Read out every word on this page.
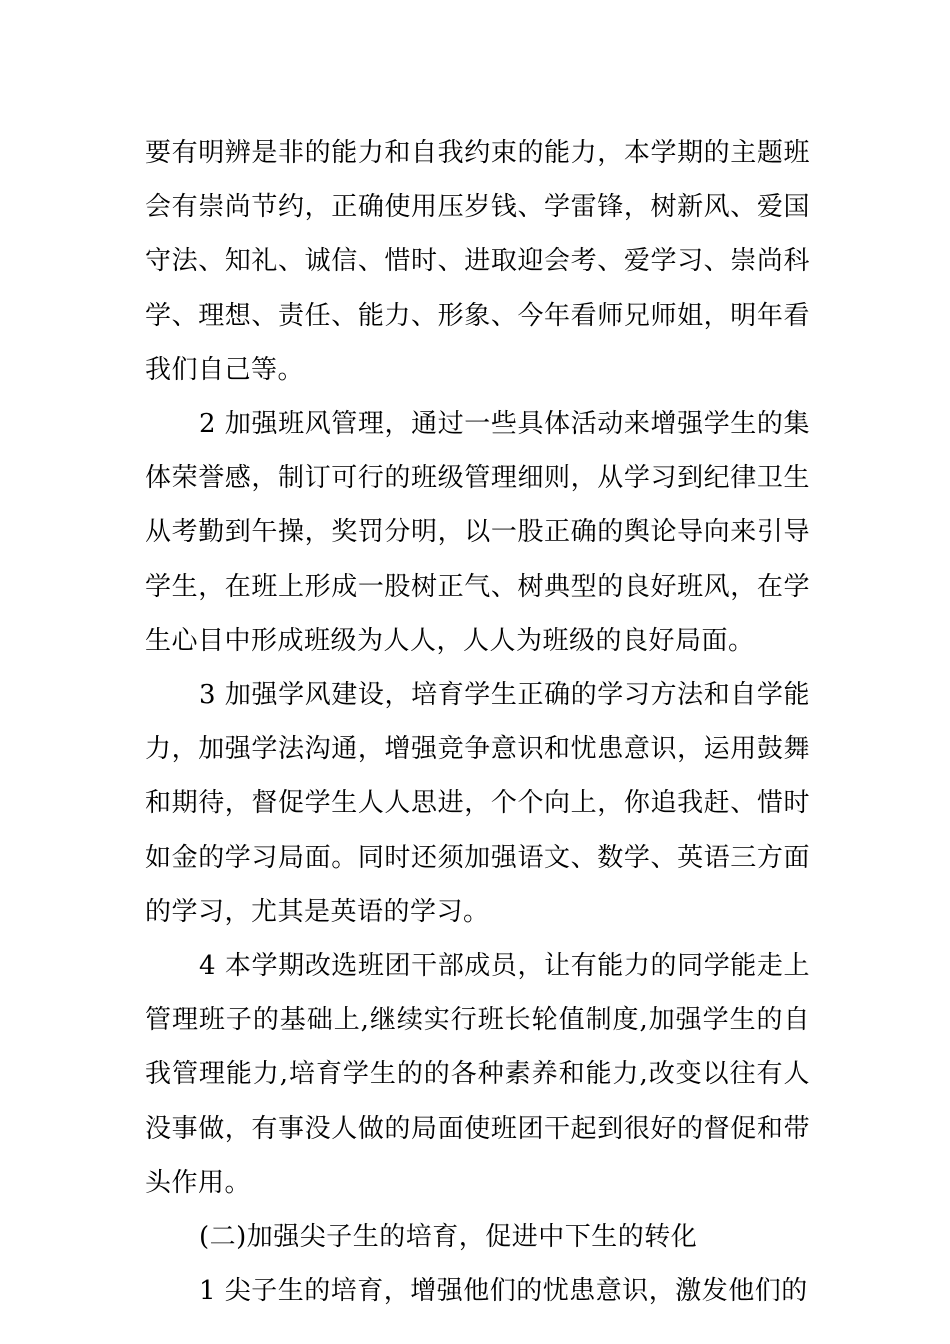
要有明辨是非的能力和自我约束的能力，本学期的主题班会有崇尚节约，正确使用压岁钱、学雷锋，树新风、爱国守法、知礼、诚信、惜时、进取迎会考、爱学习、崇尚科学、理想、责任、能力、形象、今年看师兄师姐，明年看我们自己等。

2 加强班风管理，通过一些具体活动来增强学生的集体荣誉感，制订可行的班级管理细则，从学习到纪律卫生从考勤到午操，奖罚分明，以一股正确的舆论导向来引导学生，在班上形成一股树正气、树典型的良好班风，在学生心目中形成班级为人人，人人为班级的良好局面。

3 加强学风建设，培育学生正确的学习方法和自学能力，加强学法沟通，增强竞争意识和忧患意识，运用鼓舞和期待，督促学生人人思进，个个向上，你追我赶、惜时如金的学习局面。同时还须加强语文、数学、英语三方面的学习，尤其是英语的学习。

4 本学期改选班团干部成员，让有能力的同学能走上管理班子的基础上,继续实行班长轮值制度,加强学生的自我管理能力,培育学生的的各种素养和能力,改变以往有人没事做，有事没人做的局面使班团干起到很好的督促和带头作用。

(二)加强尖子生的培育，促进中下生的转化

1 尖子生的培育，增强他们的忧患意识，激发他们的
